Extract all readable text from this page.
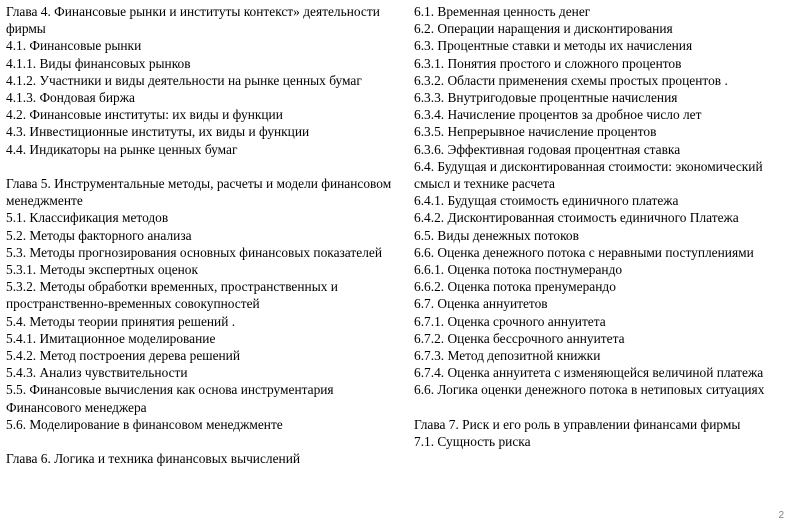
Глава 4. Финансовые рынки и институты контекст» деятельности фирмы
4.1. Финансовые рынки
4.1.1. Виды финансовых рынков
4.1.2. Участники и виды деятельности на рынке ценных бумаг
4.1.3. Фондовая биржа
4.2. Финансовые институты: их виды и функции
4.3. Инвестиционные институты, их виды и функции
4.4. Индикаторы на рынке ценных бумаг
Глава 5. Инструментальные методы, расчеты и модели финансовом менеджменте
5.1. Классификация методов
5.2. Методы факторного анализа
5.3. Методы прогнозирования основных финансовых показателей
5.3.1. Методы экспертных оценок
5.3.2. Методы обработки временных, пространственных и пространственно-временных совокупностей
5.4. Методы теории принятия решений .
5.4.1. Имитационное моделирование
5.4.2. Метод построения дерева решений
5.4.3. Анализ чувствительности
5.5. Финансовые вычисления как основа инструментария Финансового менеджера
5.6. Моделирование в финансовом менеджменте
Глава 6. Логика и техника финансовых вычислений
6.1. Временная ценность денег
6.2. Операции наращения и дисконтирования
6.3. Процентные ставки и методы их начисления
6.3.1. Понятия простого и сложного процентов
6.3.2. Области применения схемы простых процентов .
6.3.3. Внутригодовые процентные начисления
6.3.4. Начисление процентов за дробное число лет
6.3.5. Непрерывное начисление процентов
6.3.6. Эффективная годовая процентная ставка
6.4. Будущая и дисконтированная стоимости: экономический смысл и технике расчета
6.4.1. Будущая стоимость единичного платежа
6.4.2. Дисконтированная стоимость единичного Платежа
6.5. Виды денежных потоков
6.6. Оценка денежного потока с неравными поступлениями
6.6.1. Оценка потока постнумерандо
6.6.2. Оценка потока пренумерандо
6.7. Оценка аннуитетов
6.7.1. Оценка срочного аннуитета
6.7.2. Оценка бессрочного аннуитета
6.7.3. Метод депозитной книжки
6.7.4. Оценка аннуитета с изменяющейся величиной платежа
6.6. Логика оценки денежного потока в нетиповых ситуациях
Глава 7. Риск и его роль в управлении финансами фирмы
7.1. Сущность риска
2
